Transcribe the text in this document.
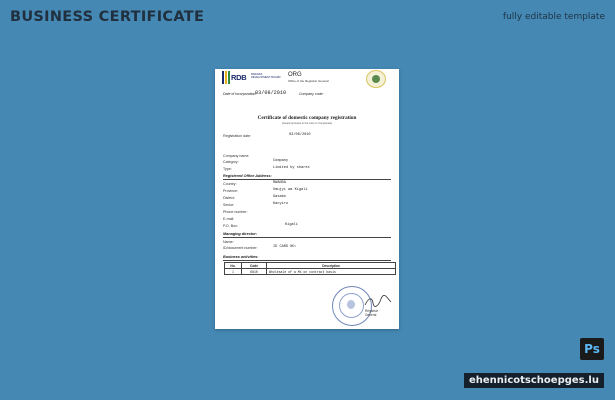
BUSINESS CERTIFICATE	fully editable template
RDB RWANDA
DEVELOPMENT BOARD ORG
Office of the Registrar General
Date of incorporation:
03/08/2010	Company code:
Certificate of domestic company registration
(issued pursuant to the Law on Companies)
Registration date:	03/08/2010
Company name:
Category:	Company
Type:	Limited by shares
Registered Office Address:
Country:	RWANDA
Province:	Umujyi wa Kigali
District:	Gasabo
Sector:	Kacyiru
Phone number:
E-mail:
P.O. Box:	Kigali
Managing director:
Name:
ID/document number:	ID CARD NO:
Business activities:
No.	Code	Description
1	6810	Wholesale of a Ms on contract basis
Registrar
General
Ps
ehennicotschoepges.lu
